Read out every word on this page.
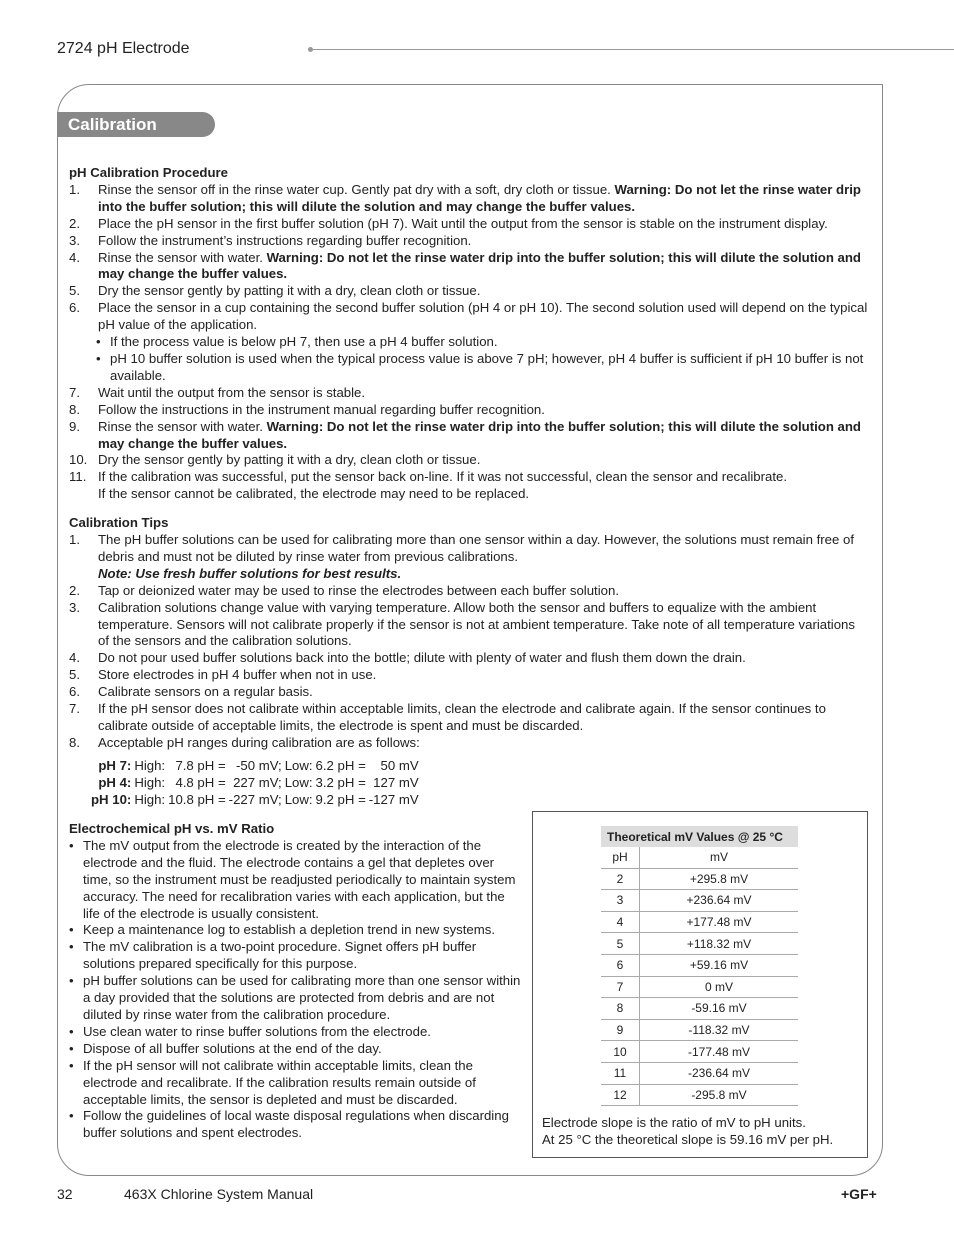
2724 pH Electrode
Calibration
pH Calibration Procedure
1. Rinse the sensor off in the rinse water cup. Gently pat dry with a soft, dry cloth or tissue. Warning: Do not let the rinse water drip into the buffer solution; this will dilute the solution and may change the buffer values.
2. Place the pH sensor in the first buffer solution (pH 7). Wait until the output from the sensor is stable on the instrument display.
3. Follow the instrument’s instructions regarding buffer recognition.
4. Rinse the sensor with water. Warning: Do not let the rinse water drip into the buffer solution; this will dilute the solution and may change the buffer values.
5. Dry the sensor gently by patting it with a dry, clean cloth or tissue.
6. Place the sensor in a cup containing the second buffer solution (pH 4 or pH 10). The second solution used will depend on the typical pH value of the application.
• If the process value is below pH 7, then use a pH 4 buffer solution.
• pH 10 buffer solution is used when the typical process value is above 7 pH; however, pH 4 buffer is sufficient if pH 10 buffer is not available.
7. Wait until the output from the sensor is stable.
8. Follow the instructions in the instrument manual regarding buffer recognition.
9. Rinse the sensor with water. Warning: Do not let the rinse water drip into the buffer solution; this will dilute the solution and may change the buffer values.
10. Dry the sensor gently by patting it with a dry, clean cloth or tissue.
11. If the calibration was successful, put the sensor back on-line. If it was not successful, clean the sensor and recalibrate.
If the sensor cannot be calibrated, the electrode may need to be replaced.
Calibration Tips
1. The pH buffer solutions can be used for calibrating more than one sensor within a day. However, the solutions must remain free of debris and must not be diluted by rinse water from previous calibrations.
Note: Use fresh buffer solutions for best results.
2. Tap or deionized water may be used to rinse the electrodes between each buffer solution.
3. Calibration solutions change value with varying temperature. Allow both the sensor and buffers to equalize with the ambient temperature. Sensors will not calibrate properly if the sensor is not at ambient temperature. Take note of all temperature variations of the sensors and the calibration solutions.
4. Do not pour used buffer solutions back into the bottle; dilute with plenty of water and flush them down the drain.
5. Store electrodes in pH 4 buffer when not in use.
6. Calibrate sensors on a regular basis.
7. If the pH sensor does not calibrate within acceptable limits, clean the electrode and calibrate again. If the sensor continues to calibrate outside of acceptable limits, the electrode is spent and must be discarded.
8. Acceptable pH ranges during calibration are as follows:
pH 7:	High:	7.8 pH =	-50 mV;	Low:	6.2 pH =	50 mV
pH 4:	High:	4.8 pH =	227 mV;	Low:	3.2 pH =	127 mV
pH 10:	High:	10.8 pH =	-227 mV;	Low:	9.2 pH =	-127 mV
Electrochemical pH vs. mV Ratio
• The mV output from the electrode is created by the interaction of the electrode and the fluid. The electrode contains a gel that depletes over time, so the instrument must be readjusted periodically to maintain system accuracy. The need for recalibration varies with each application, but the life of the electrode is usually consistent.
• Keep a maintenance log to establish a depletion trend in new systems.
• The mV calibration is a two-point procedure. Signet offers pH buffer solutions prepared specifically for this purpose.
• pH buffer solutions can be used for calibrating more than one sensor within a day provided that the solutions are protected from debris and are not diluted by rinse water from the calibration procedure.
• Use clean water to rinse buffer solutions from the electrode.
• Dispose of all buffer solutions at the end of the day.
• If the pH sensor will not calibrate within acceptable limits, clean the electrode and recalibrate. If the calibration results remain outside of acceptable limits, the sensor is depleted and must be discarded.
• Follow the guidelines of local waste disposal regulations when discarding buffer solutions and spent electrodes.
Theoretical mV Values @ 25 °C	
pH	mV
2	+295.8 mV
3	+236.64 mV
4	+177.48 mV
5	+118.32 mV
6	+59.16 mV
7	0 mV
8	-59.16 mV
9	-118.32 mV
10	-177.48 mV
11	-236.64 mV
12	-295.8 mV
Electrode slope is the ratio of mV to pH units.
At 25 °C the theoretical slope is 59.16 mV per pH.
32	463X Chlorine System Manual	+GF+
